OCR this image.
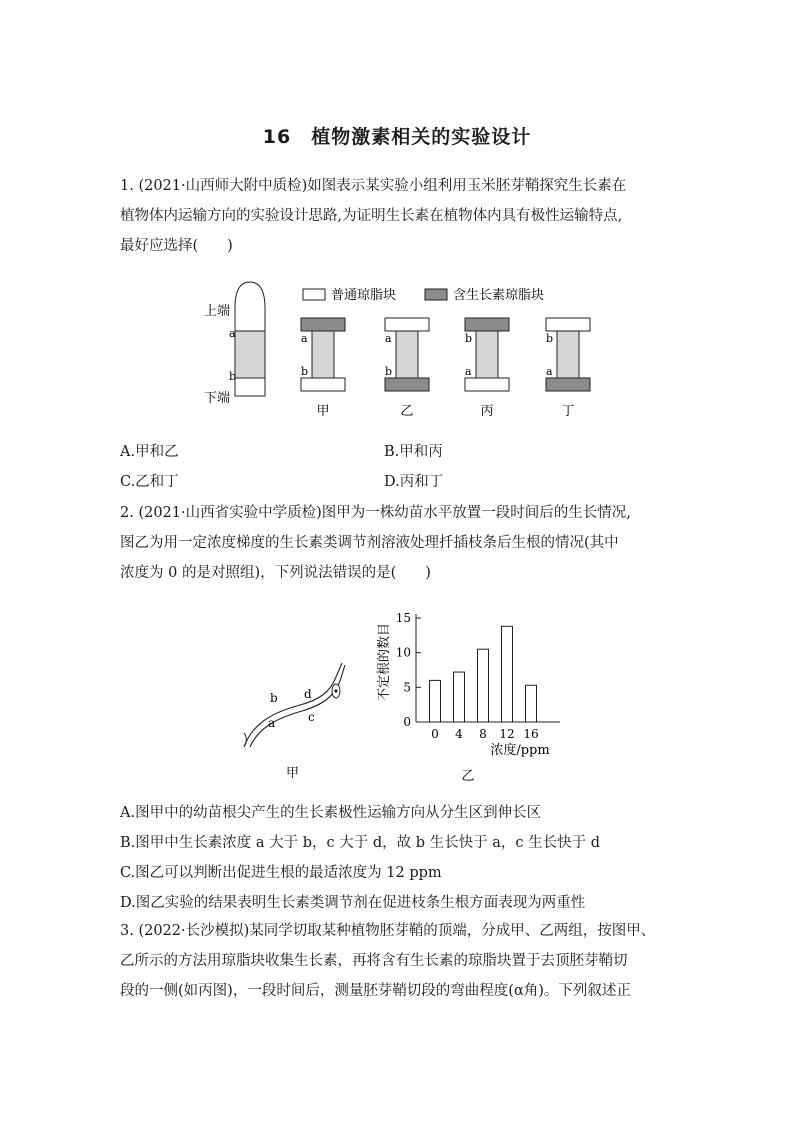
16　植物激素相关的实验设计
1. (2021·山西师大附中质检)如图表示某实验小组利用玉米胚芽鞘探究生长素在
植物体内运输方向的实验设计思路,为证明生长素在植物体内具有极性运输特点,
最好应选择(　　)
普通琼脂块	含生长素琼脂块
上端
下端
a
b
a
b
甲
a
b
乙
b
a
丙
b
a
丁
A.甲和乙	B.甲和丙
C.乙和丁	D.丙和丁
2. (2021·山西省实验中学质检)图甲为一株幼苗水平放置一段时间后的生长情况,
图乙为用一定浓度梯度的生长素类调节剂溶液处理扦插枝条后生根的情况(其中
浓度为 0 的是对照组)，下列说法错误的是(　　)
b
a
d
c
甲
不定根的数目
0
5
10
15
0 4 8 12 16
浓度/ppm
乙
A.图甲中的幼苗根尖产生的生长素极性运输方向从分生区到伸长区
B.图甲中生长素浓度 a 大于 b，c 大于 d，故 b 生长快于 a，c 生长快于 d
C.图乙可以判断出促进生根的最适浓度为 12 ppm
D.图乙实验的结果表明生长素类调节剂在促进枝条生根方面表现为两重性
3. (2022·长沙模拟)某同学切取某种植物胚芽鞘的顶端，分成甲、乙两组，按图甲、
乙所示的方法用琼脂块收集生长素，再将含有生长素的琼脂块置于去顶胚芽鞘切
段的一侧(如丙图)，一段时间后，测量胚芽鞘切段的弯曲程度(α角)。下列叙述正
